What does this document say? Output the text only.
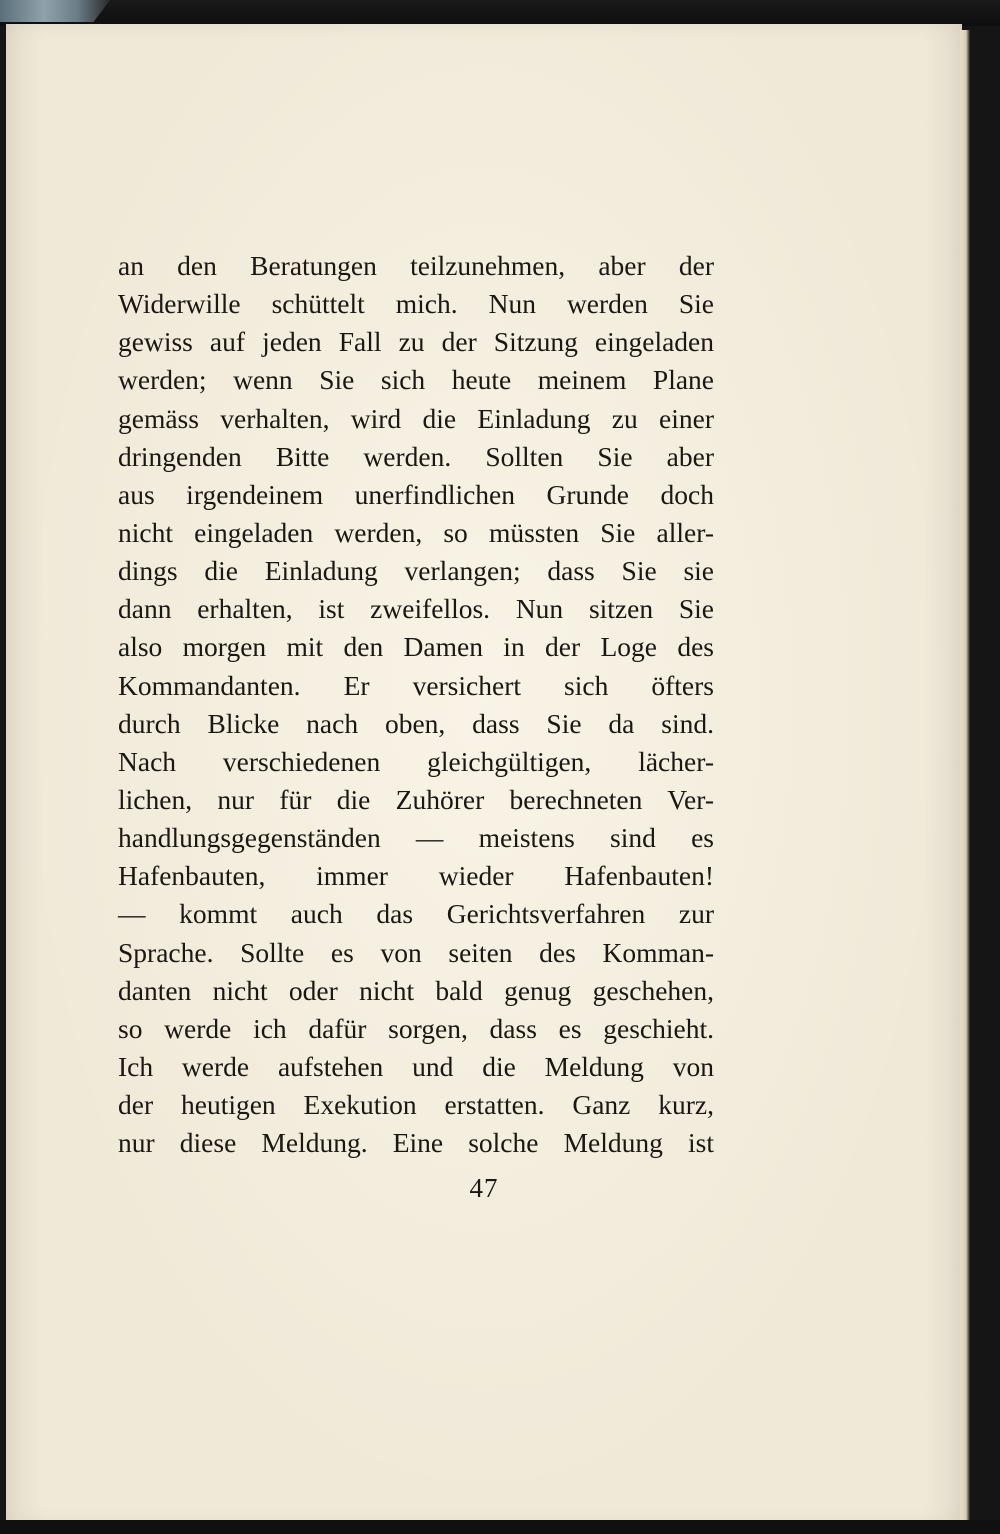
an den Beratungen teilzunehmen, aber der
Widerwille schüttelt mich. Nun werden Sie
gewiss auf jeden Fall zu der Sitzung eingeladen
werden; wenn Sie sich heute meinem Plane
gemäss verhalten, wird die Einladung zu einer
dringenden Bitte werden. Sollten Sie aber
aus irgendeinem unerfindlichen Grunde doch
nicht eingeladen werden, so müssten Sie aller-
dings die Einladung verlangen; dass Sie sie
dann erhalten, ist zweifellos. Nun sitzen Sie
also morgen mit den Damen in der Loge des
Kommandanten. Er versichert sich öfters
durch Blicke nach oben, dass Sie da sind.
Nach verschiedenen gleichgültigen, lächer-
lichen, nur für die Zuhörer berechneten Ver-
handlungsgegenständen — meistens sind es
Hafenbauten, immer wieder Hafenbauten!
— kommt auch das Gerichtsverfahren zur
Sprache. Sollte es von seiten des Komman-
danten nicht oder nicht bald genug geschehen,
so werde ich dafür sorgen, dass es geschieht.
Ich werde aufstehen und die Meldung von
der heutigen Exekution erstatten. Ganz kurz,
nur diese Meldung. Eine solche Meldung ist
47
